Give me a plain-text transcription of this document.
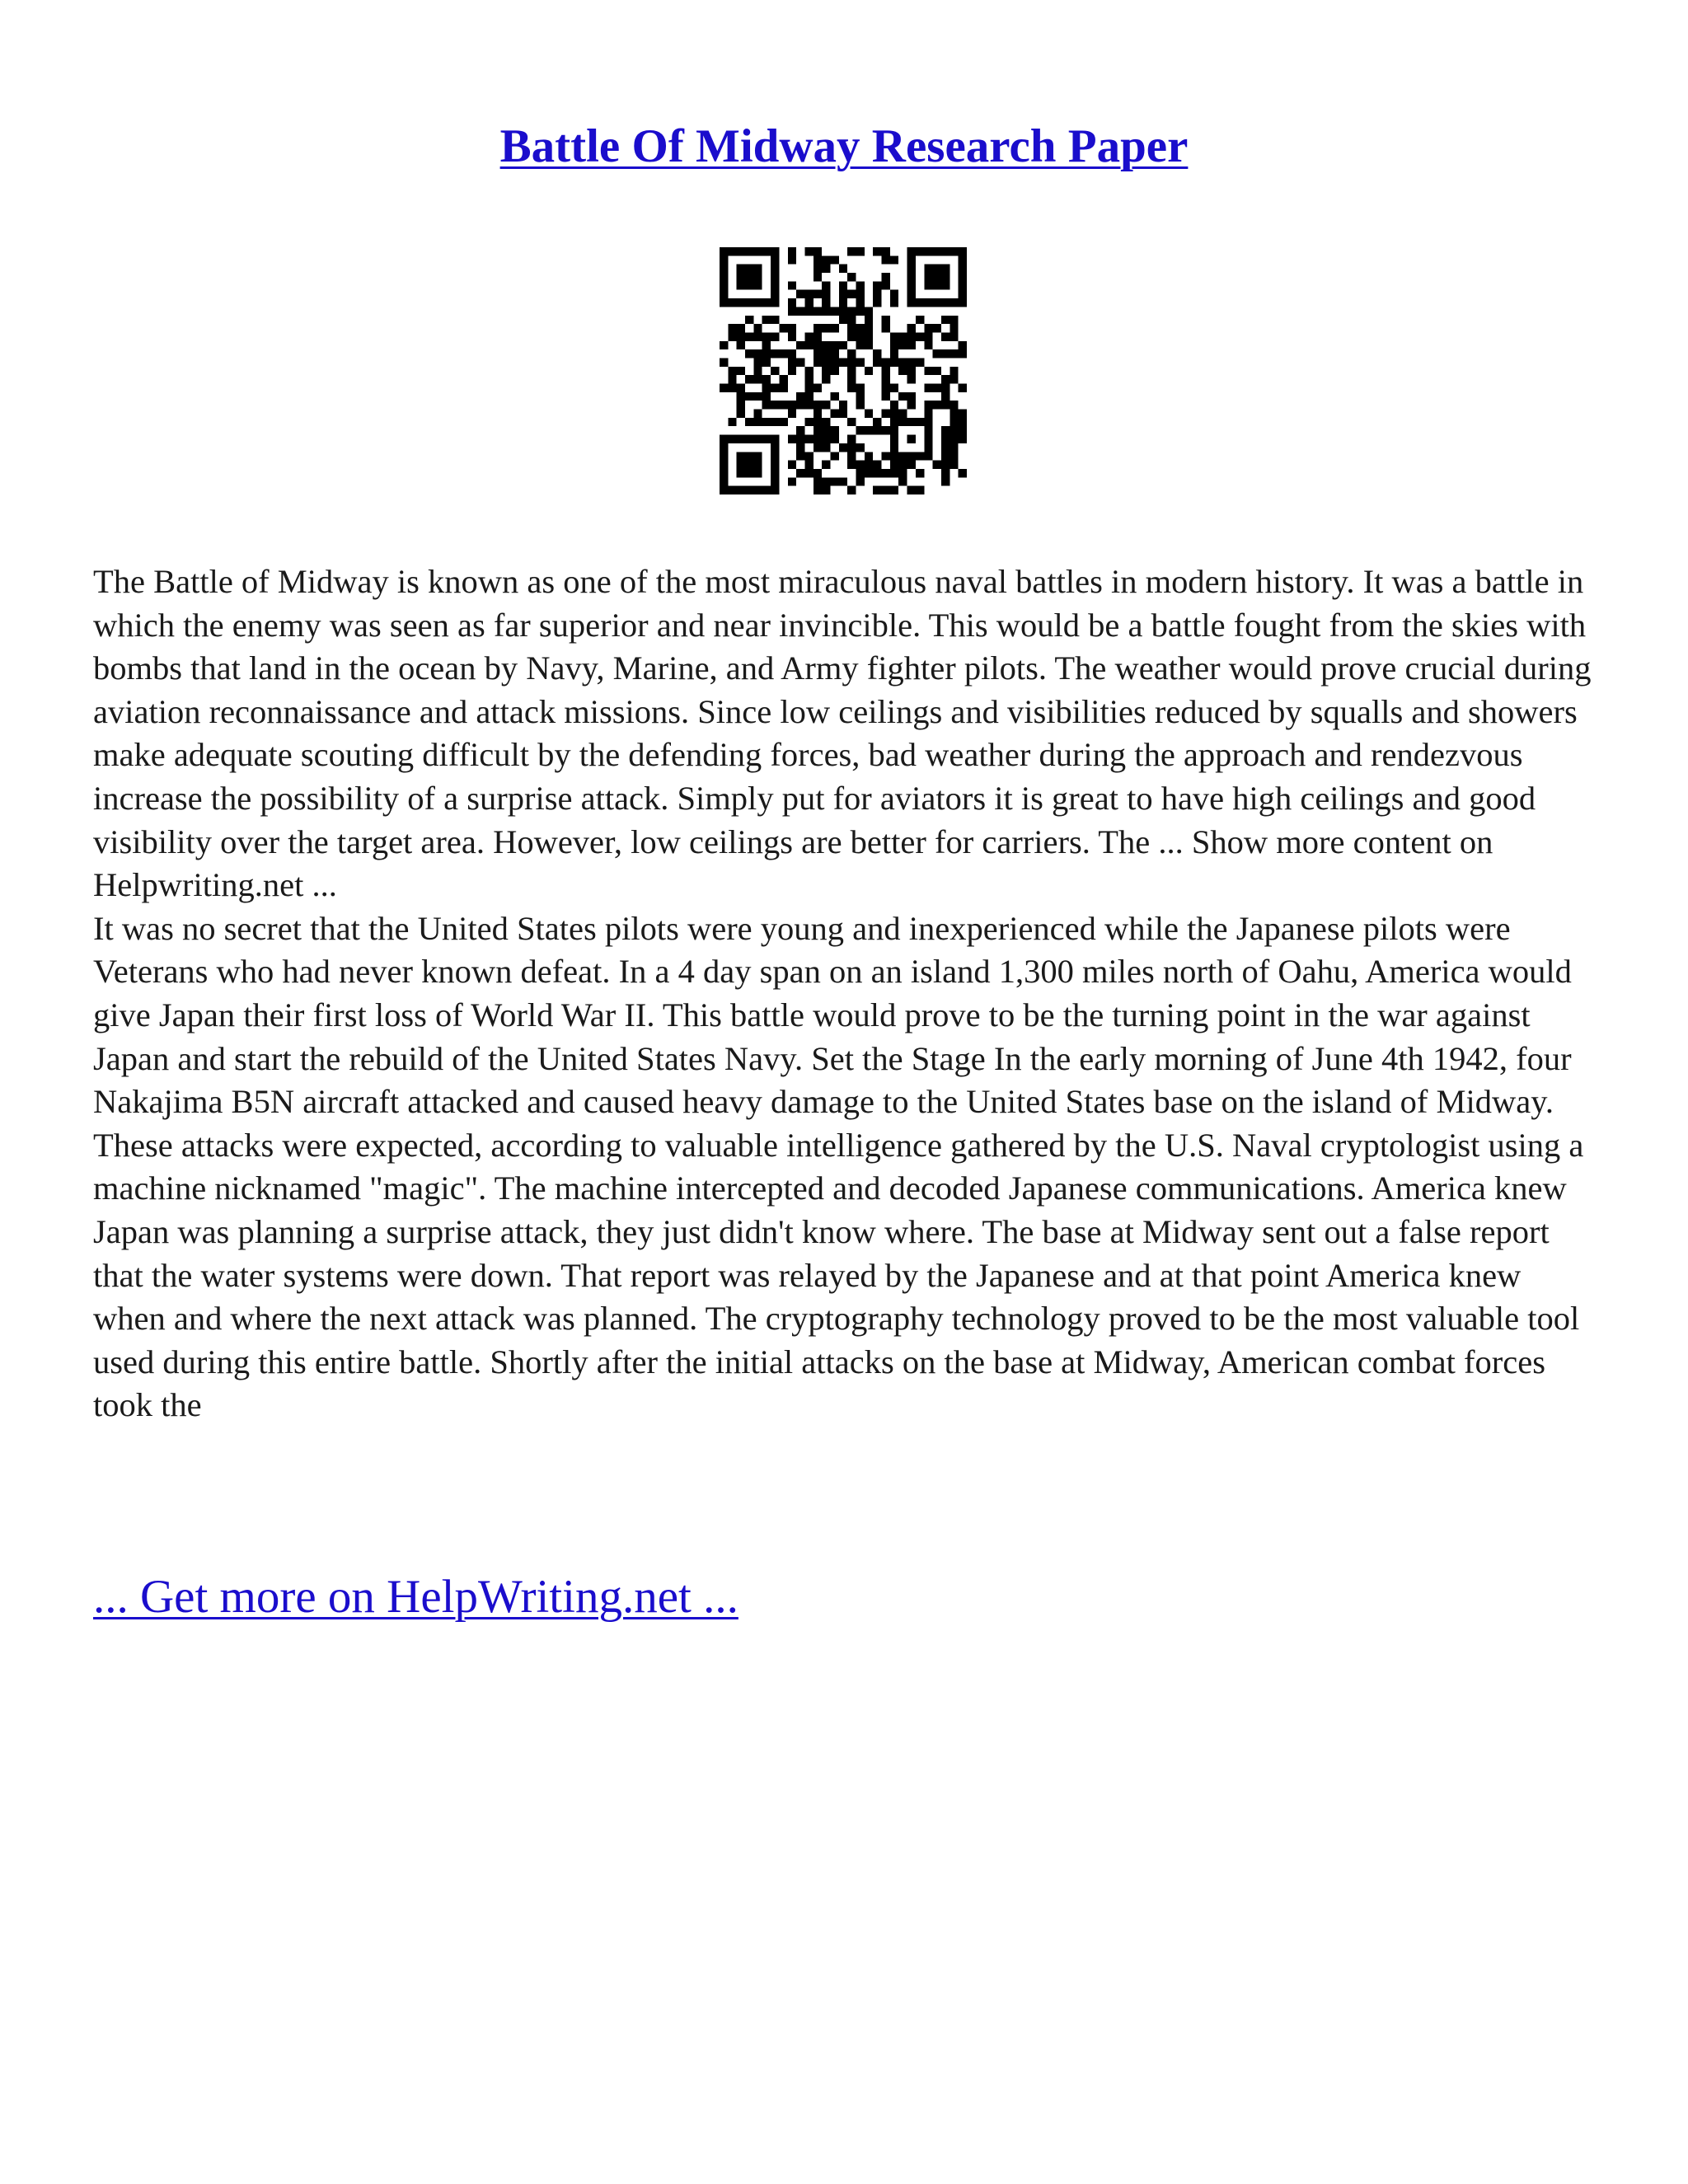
Battle Of Midway Research Paper

The Battle of Midway is known as one of the most miraculous naval battles in modern history. It was a battle in which the enemy was seen as far superior and near invincible. This would be a battle fought from the skies with bombs that land in the ocean by Navy, Marine, and Army fighter pilots. The weather would prove crucial during aviation reconnaissance and attack missions. Since low ceilings and visibilities reduced by squalls and showers make adequate scouting difficult by the defending forces, bad weather during the approach and rendezvous increase the possibility of a surprise attack. Simply put for aviators it is great to have high ceilings and good visibility over the target area. However, low ceilings are better for carriers. The ... Show more content on Helpwriting.net ...

It was no secret that the United States pilots were young and inexperienced while the Japanese pilots were Veterans who had never known defeat. In a 4 day span on an island 1,300 miles north of Oahu, America would give Japan their first loss of World War II. This battle would prove to be the turning point in the war against Japan and start the rebuild of the United States Navy. Set the Stage In the early morning of June 4th 1942, four Nakajima B5N aircraft attacked and caused heavy damage to the United States base on the island of Midway. These attacks were expected, according to valuable intelligence gathered by the U.S. Naval cryptologist using a machine nicknamed "magic". The machine intercepted and decoded Japanese communications. America knew Japan was planning a surprise attack, they just didn't know where. The base at Midway sent out a false report that the water systems were down. That report was relayed by the Japanese and at that point America knew when and where the next attack was planned. The cryptography technology proved to be the most valuable tool used during this entire battle. Shortly after the initial attacks on the base at Midway, American combat forces took the

... Get more on HelpWriting.net ...
